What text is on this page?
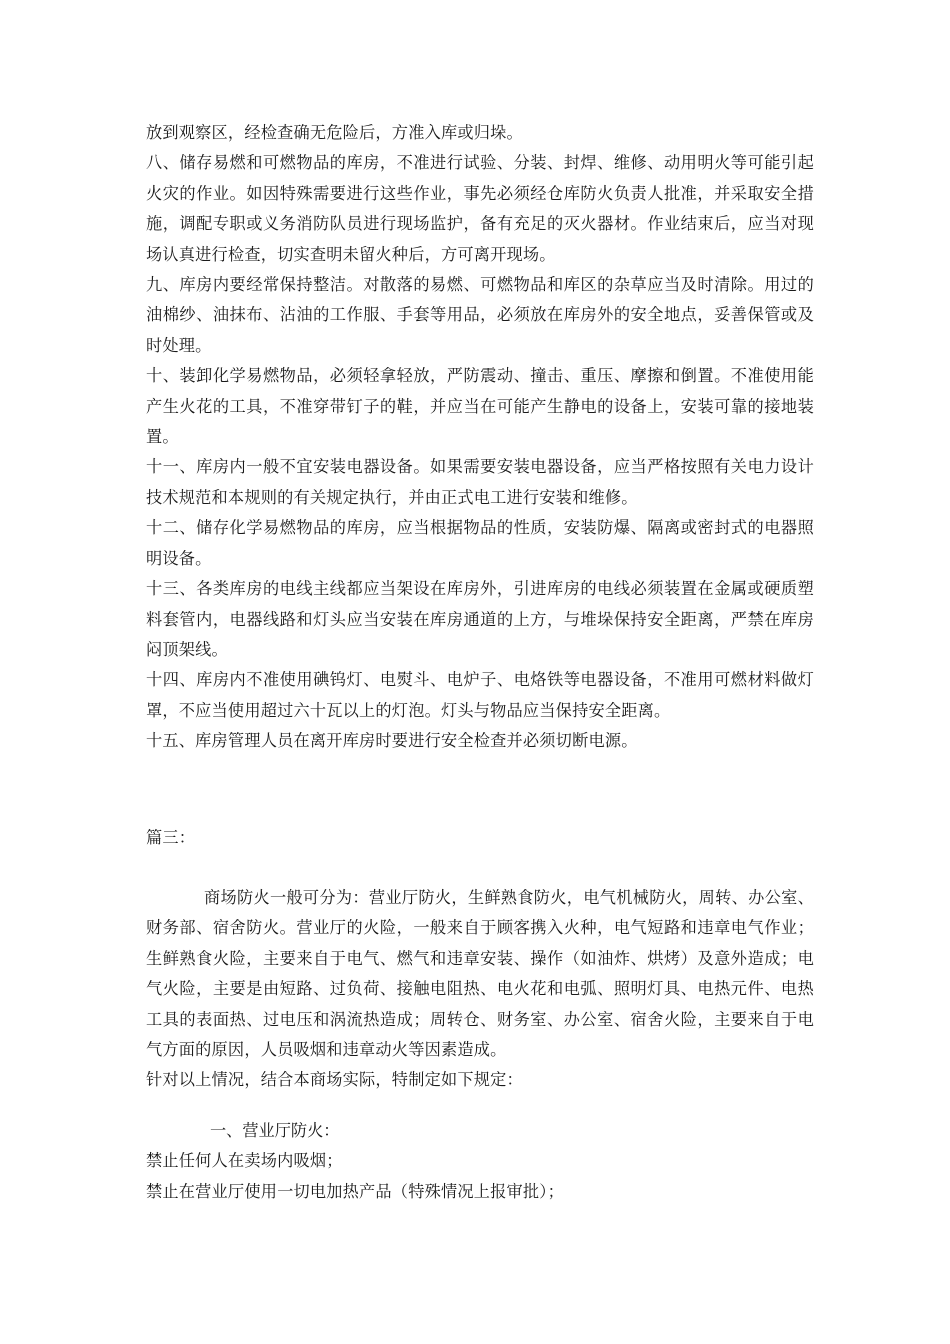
放到观察区，经检查确无危险后，方准入库或归垛。

八、储存易燃和可燃物品的库房，不准进行试验、分装、封焊、维修、动用明火等可能引起火灾的作业。如因特殊需要进行这些作业，事先必须经仓库防火负责人批准，并采取安全措施，调配专职或义务消防队员进行现场监护，备有充足的灭火器材。作业结束后，应当对现场认真进行检查，切实查明未留火种后，方可离开现场。

九、库房内要经常保持整洁。对散落的易燃、可燃物品和库区的杂草应当及时清除。用过的油棉纱、油抹布、沾油的工作服、手套等用品，必须放在库房外的安全地点，妥善保管或及时处理。

十、装卸化学易燃物品，必须轻拿轻放，严防震动、撞击、重压、摩擦和倒置。不准使用能产生火花的工具，不准穿带钉子的鞋，并应当在可能产生静电的设备上，安装可靠的接地装置。

十一、库房内一般不宜安装电器设备。如果需要安装电器设备，应当严格按照有关电力设计技术规范和本规则的有关规定执行，并由正式电工进行安装和维修。

十二、储存化学易燃物品的库房，应当根据物品的性质，安装防爆、隔离或密封式的电器照明设备。

十三、各类库房的电线主线都应当架设在库房外，引进库房的电线必须装置在金属或硬质塑料套管内，电器线路和灯头应当安装在库房通道的上方，与堆垛保持安全距离，严禁在库房闷顶架线。

十四、库房内不准使用碘钨灯、电熨斗、电炉子、电烙铁等电器设备，不准用可燃材料做灯罩，不应当使用超过六十瓦以上的灯泡。灯头与物品应当保持安全距离。

十五、库房管理人员在离开库房时要进行安全检查并必须切断电源。

篇三：

商场防火一般可分为：营业厅防火，生鲜熟食防火，电气机械防火，周转、办公室、财务部、宿舍防火。营业厅的火险，一般来自于顾客携入火种，电气短路和违章电气作业；生鲜熟食火险，主要来自于电气、燃气和违章安装、操作（如油炸、烘烤）及意外造成；电气火险，主要是由短路、过负荷、接触电阻热、电火花和电弧、照明灯具、电热元件、电热工具的表面热、过电压和涡流热造成；周转仓、财务室、办公室、宿舍火险，主要来自于电气方面的原因，人员吸烟和违章动火等因素造成。

针对以上情况，结合本商场实际，特制定如下规定：

一、营业厅防火：

禁止任何人在卖场内吸烟；

禁止在营业厅使用一切电加热产品（特殊情况上报审批）；
